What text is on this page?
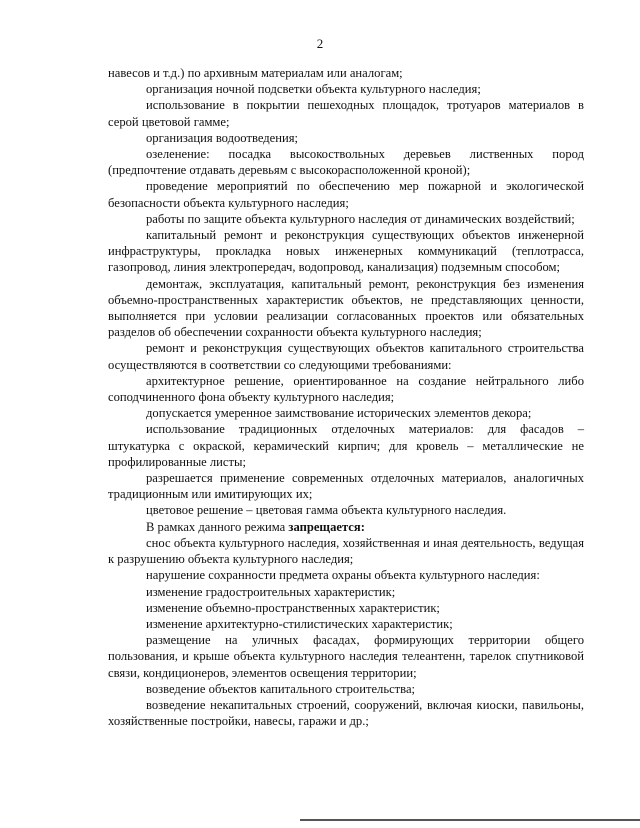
2

навесов и т.д.) по архивным материалам или аналогам;

организация ночной подсветки объекта культурного наследия;

использование в покрытии пешеходных площадок, тротуаров материалов в серой цветовой гамме;

организация водоотведения;

озеленение: посадка высокоствольных деревьев лиственных пород (предпочтение отдавать деревьям с высокорасположенной кроной);

проведение мероприятий по обеспечению мер пожарной и экологической безопасности объекта культурного наследия;

работы по защите объекта культурного наследия от динамических воздействий;

капитальный ремонт и реконструкция существующих объектов инженерной инфраструктуры, прокладка новых инженерных коммуникаций (теплотрасса, газопровод, линия электропередач, водопровод, канализация) подземным способом;

демонтаж, эксплуатация, капитальный ремонт, реконструкция без изменения объемно-пространственных характеристик объектов, не представляющих ценности, выполняется при условии реализации согласованных проектов или обязательных разделов об обеспечении сохранности объекта культурного наследия;

ремонт и реконструкция существующих объектов капитального строительства осуществляются в соответствии со следующими требованиями:

архитектурное решение, ориентированное на создание нейтрального либо соподчиненного фона объекту культурного наследия;

допускается умеренное заимствование исторических элементов декора;

использование традиционных отделочных материалов: для фасадов – штукатурка с окраской, керамический кирпич; для кровель – металлические не профилированные листы;

разрешается применение современных отделочных материалов, аналогичных традиционным или имитирующих их;

цветовое решение – цветовая гамма объекта культурного наследия.

В рамках данного режима запрещается:

снос объекта культурного наследия, хозяйственная и иная деятельность, ведущая к разрушению объекта культурного наследия;

нарушение сохранности предмета охраны объекта культурного наследия:

изменение градостроительных характеристик;

изменение объемно-пространственных характеристик;

изменение архитектурно-стилистических характеристик;

размещение на уличных фасадах, формирующих территории общего пользования, и крыше объекта культурного наследия телеантенн, тарелок спутниковой связи, кондиционеров, элементов освещения территории;

возведение объектов капитального строительства;

возведение некапитальных строений, сооружений, включая киоски, павильоны, хозяйственные постройки, навесы, гаражи и др.;
